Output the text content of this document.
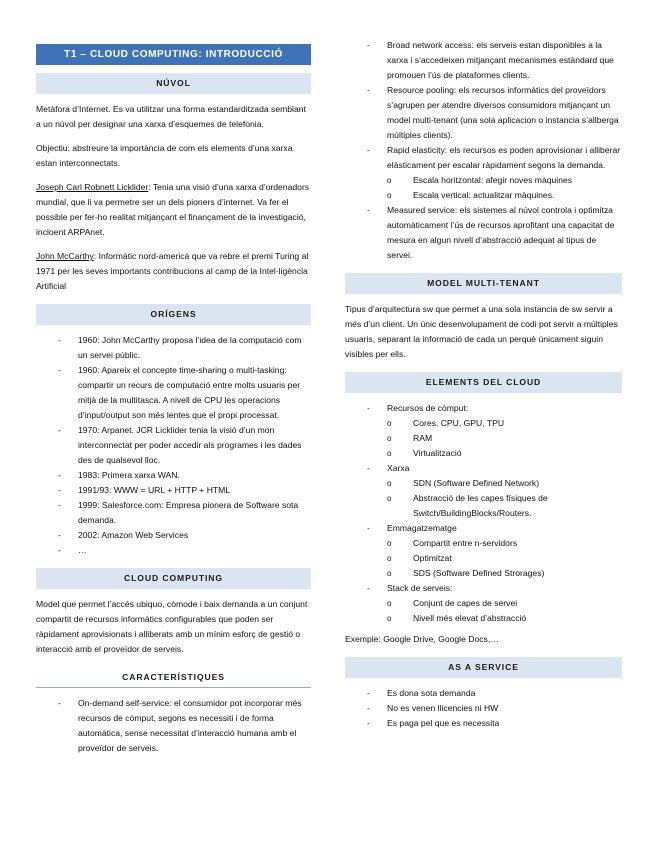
T1 – CLOUD COMPUTING: INTRODUCCIÓ
NÚVOL

Metàfora d’Internet. Es va utilitzar una forma estandarditzada semblant a un núvol per designar una xarxa d’esquemes de telefonia.

Objectiu: abstreure la importància de com els elements d’una xarxa estan interconnectats.

Joseph Carl Robnett Licklider: Tenia una visió d’una xarxa d’ordenadors mundial, que li va permetre ser un dels pioners d’internet. Va fer el possible per fer-ho realitat mitjançant el finançament de la investigació, incloent ARPAnet.

John McCarthy: Informàtic nord-americà que va rebre el premi Turing al 1971 per les seves importants contribucions al camp de la Intel·ligència Artificial

ORÍGENS
- 1960: John McCarthy proposa l’idea de la computació com un servei públic.
- 1960: Apareix el concepte time-sharing o multi-tasking: compartir un recurs de computació entre molts usuaris per mitjà de la multitasca. A nivell de CPU les operacions d’input/output son més lentes que el propi processat.
- 1970: Arpanet. JCR Licklider tenia la visió d’un mon interconnectat per poder accedir als programes i les dades des de qualsevol lloc.
- 1983: Primera xarxa WAN.
- 1991/93: WWW = URL + HTTP + HTML
- 1999: Salesforce.com: Empresa pionera de Software sota demanda.
- 2002: Amazon Web Services
- …
CLOUD COMPUTING

Model que permet l’accés ubiquo, còmode i baix demanda a un conjunt compartit de recursos informàtics configurables que poden ser ràpidament aprovisionats i alliberats amb un mínim esforç de gestió o interacció amb el proveïdor de serveis.

CARACTERÍSTIQUES
- On-demand self-service: el consumidor pot incorporar més recursos de còmput, segons es necessiti i de forma automàtica, sense necessitat d’interacció humana amb el proveïdor de serveis.
- Broad network access: els serveis estan disponibles a la xarxa i s’accedeixen mitjançant mecanismes estàndard que promouen l’ús de plataformes clients.
- Resource pooling: els recursos informàtics del proveïdors s’agrupen per atendre diversos consumidors mitjançant un model multi-tenant (una sola aplicacion o instancia s’allberga múltiples clients).
- Rapid elasticity: els recursos es poden aprovisionar i alliberar elàsticament per escalar ràpidament segons la demanda.
o Escala horitzontal: afegir noves màquines
o Escala vertical: actualitzar màquines.
- Measured service: els sistemes al núvol controla i optimitza automàticament l’ús de recursos aprofitant una capacitat de mesura en algun nivell d’abstracció adequat al tipus de servei.
MODEL MULTI-TENANT

Tipus d’arquitectura sw que permet a una sola instancia de sw servir a més d’un client. Un únic desenvolupament de codi pot servir a múltiples usuaris, separant la informació de cada un perquè únicament siguin visibles per ells.

ELEMENTS DEL CLOUD
- Recursos de còmput:
o Cores, CPU, GPU, TPU
o RAM
o Virtualització
- Xarxa
o SDN (Software Defined Network)
o Abstracció de les capes físiques de Switch/BuildingBlocks/Routers.
- Emmagatzematge
o Compartit entre n-servidors
o Optimitzat
o SDS (Software Defined Strorages)
- Stack de serveis:
o Conjunt de capes de servei
o Nivell més elevat d’abstracció

Exemple: Google Drive, Google Docs,…

AS A SERVICE
- Es dona sota demanda
- No es venen llicencies ni HW
- Es paga pel que es necessita
